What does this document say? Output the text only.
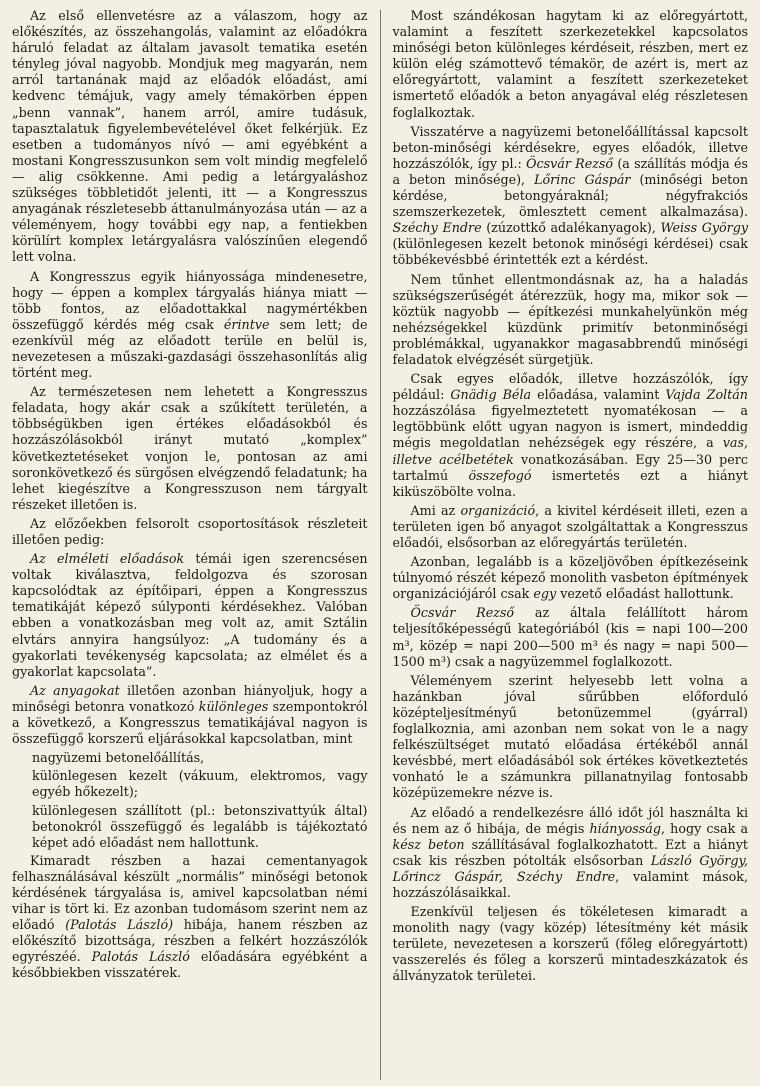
Az első ellenvetésre az a válaszom, hogy az előkészítés, az összehangolás, valamint az előadókra háruló feladat az általam javasolt tematika esetén tényleg jóval nagyobb. Mondjuk meg magyarán, nem arról tartanának majd az előadók előadást, ami kedvenc témájuk, vagy amely témakörben éppen „benn vannak”, hanem arról, amire tudásuk, tapasztalatuk figyelembevételével őket felkérjük. Ez esetben a tudományos nívó — ami egyébként a mostani Kongresszusunkon sem volt mindig megfelelő — alig csökkenne. Ami pedig a letárgyaláshoz szükséges többletidőt jelenti, itt — a Kongresszus anyagának részletesebb áttanulmányozása után — az a véleményem, hogy további egy nap, a fentiekben körülírt komplex letárgyalásra valószínűen elegendő lett volna.

A Kongresszus egyik hiányossága mindenesetre, hogy — éppen a komplex tárgyalás hiánya miatt — több fontos, az előadottakkal nagymértékben összefüggő kérdés még csak érintve sem lett; de ezenkívül még az előadott terüle en belül is, nevezetesen a műszaki-gazdasági összehasonlítás alig történt meg.

Az természetesen nem lehetett a Kongresszus feladata, hogy akár csak a szűkített területén, a többségükben igen értékes előadásokból és hozzászólásokból irányt mutató „komplex” következtetéseket vonjon le, pontosan az ami soronkövetkező és sürgősen elvégzendő feladatunk; ha lehet kiegészítve a Kongresszuson nem tárgyalt részeket illetően is.

Az előzőekben felsorolt csoportosítások részleteit illetően pedig:

Az elméleti előadások témái igen szerencsésen voltak kiválasztva, feldolgozva és szorosan kapcsolódtak az építőipari, éppen a Kongresszus tematikáját képező súlyponti kérdésekhez. Valóban ebben a vonatkozásban meg volt az, amit Sztálin elvtárs annyira hangsúlyoz: „A tudomány és a gyakorlati tevékenység kapcsolata; az elmélet és a gyakorlat kapcsolata”.

Az anyagokat illetően azonban hiányoljuk, hogy a minőségi betonra vonatkozó különleges szempontokról a következő, a Kongresszus tematikájával nagyon is összefüggő korszerű eljárásokkal kapcsolatban, mint

nagyüzemi betonelőállítás,

különlegesen kezelt (vákuum, elektromos, vagy egyéb hőkezelt);

különlegesen szállított (pl.: betonszivattyúk által) betonokról összefüggő és legalább is tájékoztató képet adó előadást nem hallottunk.

Kimaradt részben a hazai cementanyagok felhasználásával készült „normális” minőségi betonok kérdésének tárgyalása is, amivel kapcsolatban némi vihar is tört ki. Ez azonban tudomásom szerint nem az előadó (Palotás László) hibája, hanem részben az előkészítő bizottsága, részben a felkért hozzászólók egyrészéé. Palotás László előadására egyébként a későbbiekben visszatérek.

Most szándékosan hagytam ki az előregyártott, valamint a feszített szerkezetekkel kapcsolatos minőségi beton különleges kérdéseit, részben, mert ez külön elég számottevő témakör, de azért is, mert az előregyártott, valamint a feszített szerkezeteket ismertető előadók a beton anyagával elég részletesen foglalkoztak.

Visszatérve a nagyüzemi betonelőállítással kapcsolt beton-minőségi kérdésekre, egyes előadók, illetve hozzászólók, így pl.: Öcsvár Rezső (a szállítás módja és a beton minősége), Lőrinc Gáspár (minőségi beton kérdése, betongyáraknál; négyfrakciós szemszerkezetek, ömlesztett cement alkalmazása). Széchy Endre (zúzottkő adalékanyagok), Weiss György (különlegesen kezelt betonok minőségi kérdései) csak többékevésbbé érintették ezt a kérdést.

Nem tűnhet ellentmondásnak az, ha a haladás szükségszerűségét átérezzük, hogy ma, mikor sok — köztük nagyobb — építkezési munkahelyünkön még nehézségekkel küzdünk primitív betonminőségi problémákkal, ugyanakkor magasabbrendű minőségi feladatok elvégzését sürgetjük.

Csak egyes előadók, illetve hozzászólók, így például: Gnädig Béla előadása, valamint Vajda Zoltán hozzászólása figyelmeztetett nyomatékosan — a legtöbbünk előtt ugyan nagyon is ismert, mindeddig mégis megoldatlan nehézségek egy részére, a vas, illetve acélbetétek vonatkozásában. Egy 25—30 perc tartalmú összefogó ismertetés ezt a hiányt kiküszöbölte volna.

Ami az organizáció, a kivitel kérdéseit illeti, ezen a területen igen bő anyagot szolgáltattak a Kongresszus előadói, elsősorban az előregyártás területén.

Azonban, legalább is a közeljövőben építkezéseink túlnyomó részét képező monolith vasbeton építmények organizációjáról csak egy vezető előadást hallottunk.

Öcsvár Rezső az általa felállított három teljesítőképességű kategóriából (kis = napi 100—200 m³, közép = napi 200—500 m³ és nagy = napi 500—1500 m³) csak a nagyüzemmel foglalkozott.

Véleményem szerint helyesebb lett volna a hazánkban jóval sűrűbben előforduló középteljesítményű betonüzemmel (gyárral) foglalkoznia, ami azonban nem sokat von le a nagy felkészültséget mutató előadása értékéből annál kevésbbé, mert előadásából sok értékes következtetés vonható le a számunkra pillanatnyilag fontosabb középüzemekre nézve is.

Az előadó a rendelkezésre álló időt jól használta ki és nem az ő hibája, de mégis hiányosság, hogy csak a kész beton szállításával foglalkozhatott. Ezt a hiányt csak kis részben pótolták elsősorban László György, Lőrincz Gáspár, Széchy Endre, valamint mások, hozzászólásaikkal.

Ezenkívül teljesen és tökéletesen kimaradt a monolith nagy (vagy közép) létesítmény két másik területe, nevezetesen a korszerű (főleg előregyártott) vasszerelés és főleg a korszerű mintadeszkázatok és állványzatok területei.
